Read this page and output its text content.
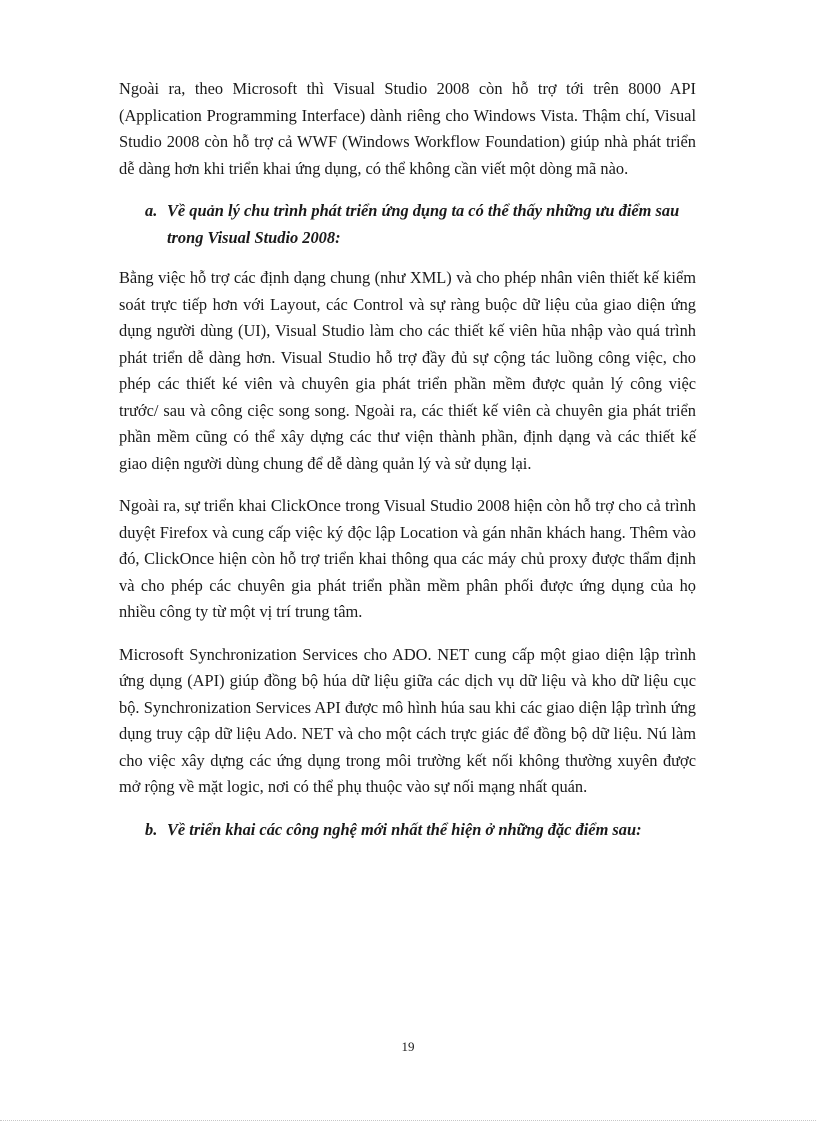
Ngoài ra, theo Microsoft thì Visual Studio 2008 còn hỗ trợ tới trên 8000 API (Application Programming Interface) dành riêng cho Windows Vista. Thậm chí, Visual Studio 2008 còn hỗ trợ cả WWF (Windows Workflow Foundation) giúp nhà phát triển dễ dàng hơn khi triển khai ứng dụng, có thể không cần viết một dòng mã nào.

a. Về quản lý chu trình phát triển ứng dụng ta có thể thấy những ưu điểm sau trong Visual Studio 2008:

Bằng việc hỗ trợ các định dạng chung (như XML) và cho phép nhân viên thiết kế kiểm soát trực tiếp hơn với Layout, các Control và sự ràng buộc dữ liệu của giao diện ứng dụng người dùng (UI), Visual Studio làm cho các thiết kế viên hũa nhập vào quá trình phát triển dễ dàng hơn. Visual Studio hỗ trợ đầy đủ sự cộng tác luồng công việc, cho phép các thiết ké viên và chuyên gia phát triển phần mềm được quản lý công việc trước/ sau và công ciệc song song. Ngoài ra, các thiết kế viên cà chuyên gia phát triển phần mềm cũng có thể xây dựng các thư viện thành phần, định dạng và các thiết kế giao diện người dùng chung để dễ dàng quản lý và sử dụng lại.

Ngoài ra, sự triển khai ClickOnce trong Visual Studio 2008 hiện còn hỗ trợ cho cả trình duyệt Firefox và cung cấp việc ký độc lập Location và gán nhãn khách hang. Thêm vào đó, ClickOnce hiện còn hỗ trợ triển khai thông qua các máy chủ proxy được thẩm định và cho phép các chuyên gia phát triển phần mềm phân phối được ứng dụng của họ nhiều công ty từ một vị trí trung tâm.

Microsoft Synchronization Services cho ADO. NET cung cấp một giao diện lập trình ứng dụng (API) giúp đồng bộ húa dữ liệu giữa các dịch vụ dữ liệu và kho dữ liệu cục bộ. Synchronization Services API được mô hình húa sau khi các giao diện lập trình ứng dụng truy cập dữ liệu Ado. NET và cho một cách trực giác để đồng bộ dữ liệu. Nú làm cho việc xây dựng các ứng dụng trong môi trường kết nối không thường xuyên được mở rộng về mặt logic, nơi có thể phụ thuộc vào sự nối mạng nhất quán.

b. Về triển khai các công nghệ mới nhất thể hiện ở những đặc điểm sau:
19
